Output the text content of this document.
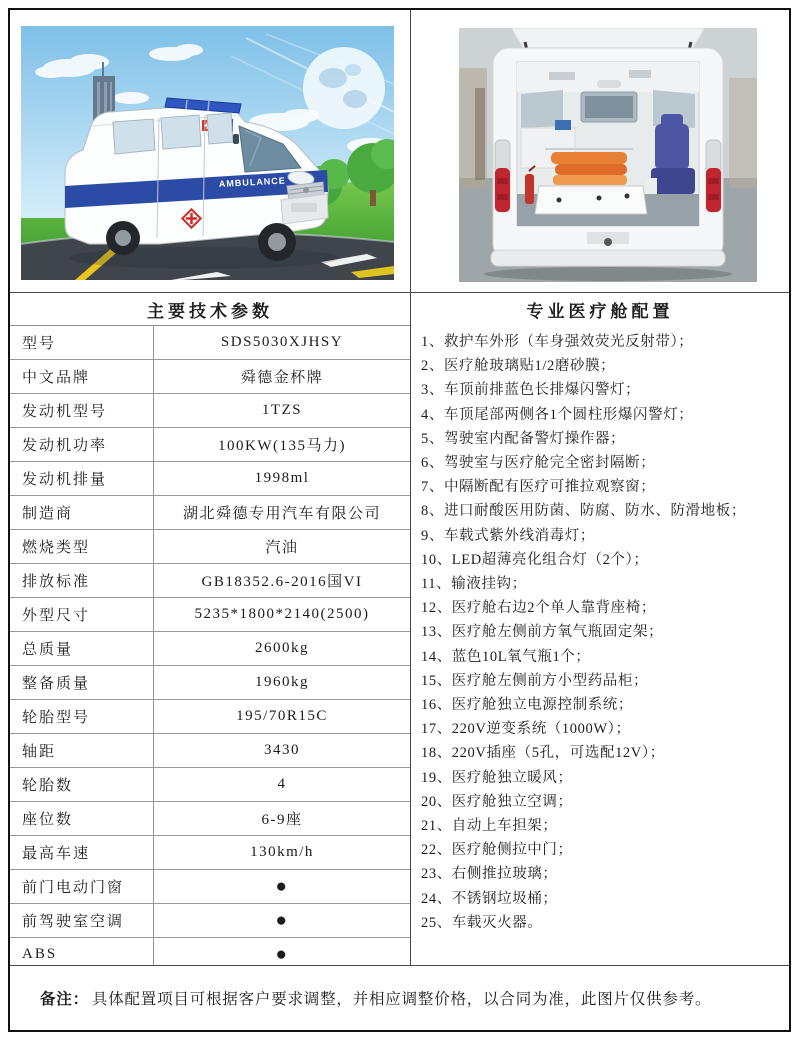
AMBULANCE
主要技术参数
型号	SDS5030XJHSY
中文品牌	舜德金杯牌
发动机型号	1TZS
发动机功率	100KW(135马力)
发动机排量	1998ml
制造商	湖北舜德专用汽车有限公司
燃烧类型	汽油
排放标准	GB18352.6-2016国VI
外型尺寸	5235*1800*2140(2500)
总质量	2600kg
整备质量	1960kg
轮胎型号	195/70R15C
轴距	3430
轮胎数	4
座位数	6-9座
最高车速	130km/h
前门电动门窗	●
前驾驶室空调	●
ABS	●

专业医疗舱配置
1、救护车外形（车身强效荧光反射带）；
2、医疗舱玻璃贴1/2磨砂膜；
3、车顶前排蓝色长排爆闪警灯；
4、车顶尾部两侧各1个圆柱形爆闪警灯；
5、驾驶室内配备警灯操作器；
6、驾驶室与医疗舱完全密封隔断；
7、中隔断配有医疗可推拉观察窗；
8、进口耐酸医用防菌、防腐、防水、防滑地板；
9、车载式紫外线消毒灯；
10、LED超薄亮化组合灯（2个）；
11、输液挂钩；
12、医疗舱右边2个单人靠背座椅；
13、医疗舱左侧前方氧气瓶固定架；
14、蓝色10L氧气瓶1个；
15、医疗舱左侧前方小型药品柜；
16、医疗舱独立电源控制系统；
17、220V逆变系统（1000W）；
18、220V插座（5孔，可选配12V）；
19、医疗舱独立暖风；
20、医疗舱独立空调；
21、自动上车担架；
22、医疗舱侧拉中门；
23、右侧推拉玻璃；
24、不锈钢垃圾桶；
25、车载灭火器。
备注： 具体配置项目可根据客户要求调整，并相应调整价格，以合同为准，此图片仅供参考。
